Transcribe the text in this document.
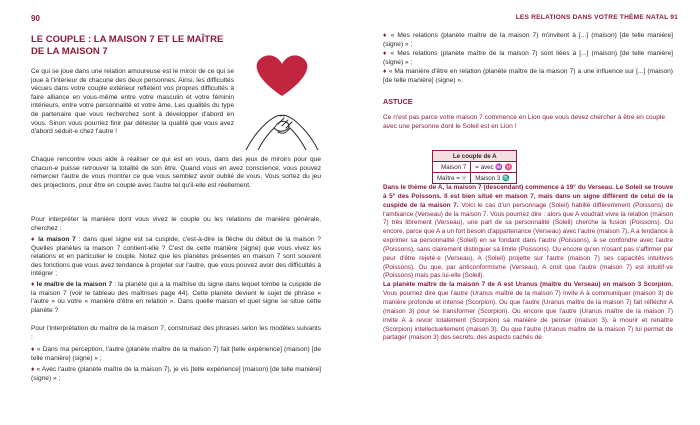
90
LE COUPLE : LA MAISON 7 ET LE MAÎTRE DE LA MAISON 7
Ce qui se joue dans une relation amoureuse est le miroir de ce qui se joue à l'intérieur de chacune des deux personnes. Ainsi, les difficultés vécues dans votre couple extérieur reflètent vos propres difficultés à faire alliance en vous-même entre votre masculin et votre féminin intérieurs, entre votre personnalité et votre âme. Les qualités du type de partenaire que vous recherchez sont à développer d'abord en vous. Sinon vous pourriez finir par détester la qualité que vous avez d'abord séduit-e chez l'autre !
Chaque rencontre vous aide à réaliser ce qui est en vous, dans des jeux de miroirs pour que chacun-e puisse retrouver la totalité de son être. Quand vous en avez conscience, vous pouvez remercier l'autre de vous montrer ce que vous semblez avoir oublié de vous. Vous sortez du jeu des projections, pour être en couple avec l'autre tel qu'il-elle est réellement.
Pour interpréter la manière dont vous vivez le couple ou les relations de manière générale, cherchez :
♦ la maison 7 : dans quel signe est sa cuspide, c'est-à-dire la flèche du début de la maison ? Quelles planètes la maison 7 contient-elle ? C'est de cette manière (signe) que vous vivez les relations et en particulier le couple. Notez que les planètes présentes en maison 7 sont souvent des fonctions que vous avez tendance à projeter sur l'autre, que vous pouvez avoir des difficultés à intégrer ;
♦ le maître de la maison 7 : la planète qui a la maîtrise du signe dans lequel tombe la cuspide de la maison 7 (voir le tableau des maîtrises page 44). Cette planète devient le sujet de phrase « l'autre » ou votre « manière d'être en relation ». Dans quelle maison et quel signe se situe cette planète ?
Pour l'interprétation du maître de la maison 7, construisez des phrases selon les modèles suivants :
♦ « Dans ma perception, l'autre (planète maître de la maison 7) fait [telle expérience] (maison) [de telle manière] (signe) » ;
♦ « Avec l'autre (planète maître de la maison 7), je vis [telle expérience] (maison) [de telle manière] (signe) » ;
LES RELATIONS DANS VOTRE THÈME NATAL 91
♦ « Mes relations (planète maître de la maison 7) m'invitent à [...] (maison) [de telle manière] (signe) » ;
♦ « Mes relations (planète maître de la maison 7) sont liées à [...] (maison) [de telle manière] (signe) » ;
♦ « Ma manière d'être en relation (planète maître de la maison 7) a une influence sur [...] (maison) [de telle manière] (signe) ».
ASTUCE
Ce n'est pas parce votre maison 7 commence en Lion que vous devez chercher à être en couple avec une personne dont le Soleil est en Lion !
Le couple de A	
Maison 7	= avec ♒ ♓
Maître = ♅	Maison 3 ♏
Dans le thème de A, la maison 7 (descendant) commence à 19° du Verseau. Le Soleil se trouve à 5° des Poissons. Il est bien situé en maison 7, mais dans un signe différent de celui de la cuspide de la maison 7. Voici le cas d'un personnage (Soleil) habillé différemment (Poissons) de l'ambiance (Verseau) de la maison 7. Vous pourriez dire : alors que A voudrait vivre la relation (maison 7) très librement (Verseau), une part de sa personnalité (Soleil) cherche la fusion (Poissons). Ou encore, parce que A a un fort besoin d'appartenance (Verseau) avec l'autre (maison 7), A a tendance à exprimer sa personnalité (Soleil) en se fondant dans l'autre (Poissons), à se confondre avec l'autre (Poissons), sans clairement distinguer sa limite (Poissons). Ou encore qu'en n'osant pas s'affirmer par peur d'être rejeté·e (Verseau), A (Soleil) projette sur l'autre (maison 7) ses capacités intuitives (Poissons). Ou que, par anticonformisme (Verseau), A croit que l'autre (maison 7) est intuitif·ve (Poissons) mais pas lui-elle (Soleil).
La planète maître de la maison 7 de A est Uranus (maître du Verseau) en maison 3 Scorpion. Vous pourriez dire que l'autre (Uranus maître de la maison 7) invite A à communiquer (maison 3) de manière profonde et intense (Scorpion). Ou que l'autre (Uranus maître de la maison 7) fait réfléchir A (maison 3) pour se transformer (Scorpion). Ou encore que l'autre (Uranus maître de la maison 7) invite A à revoir totalement (Scorpion) sa manière de penser (maison 3), à mourir et renaître (Scorpion) intellectuellement (maison 3). Ou que l'autre (Uranus maître de la maison 7) lui permet de partager (maison 3) des secrets, des aspects cachés de
